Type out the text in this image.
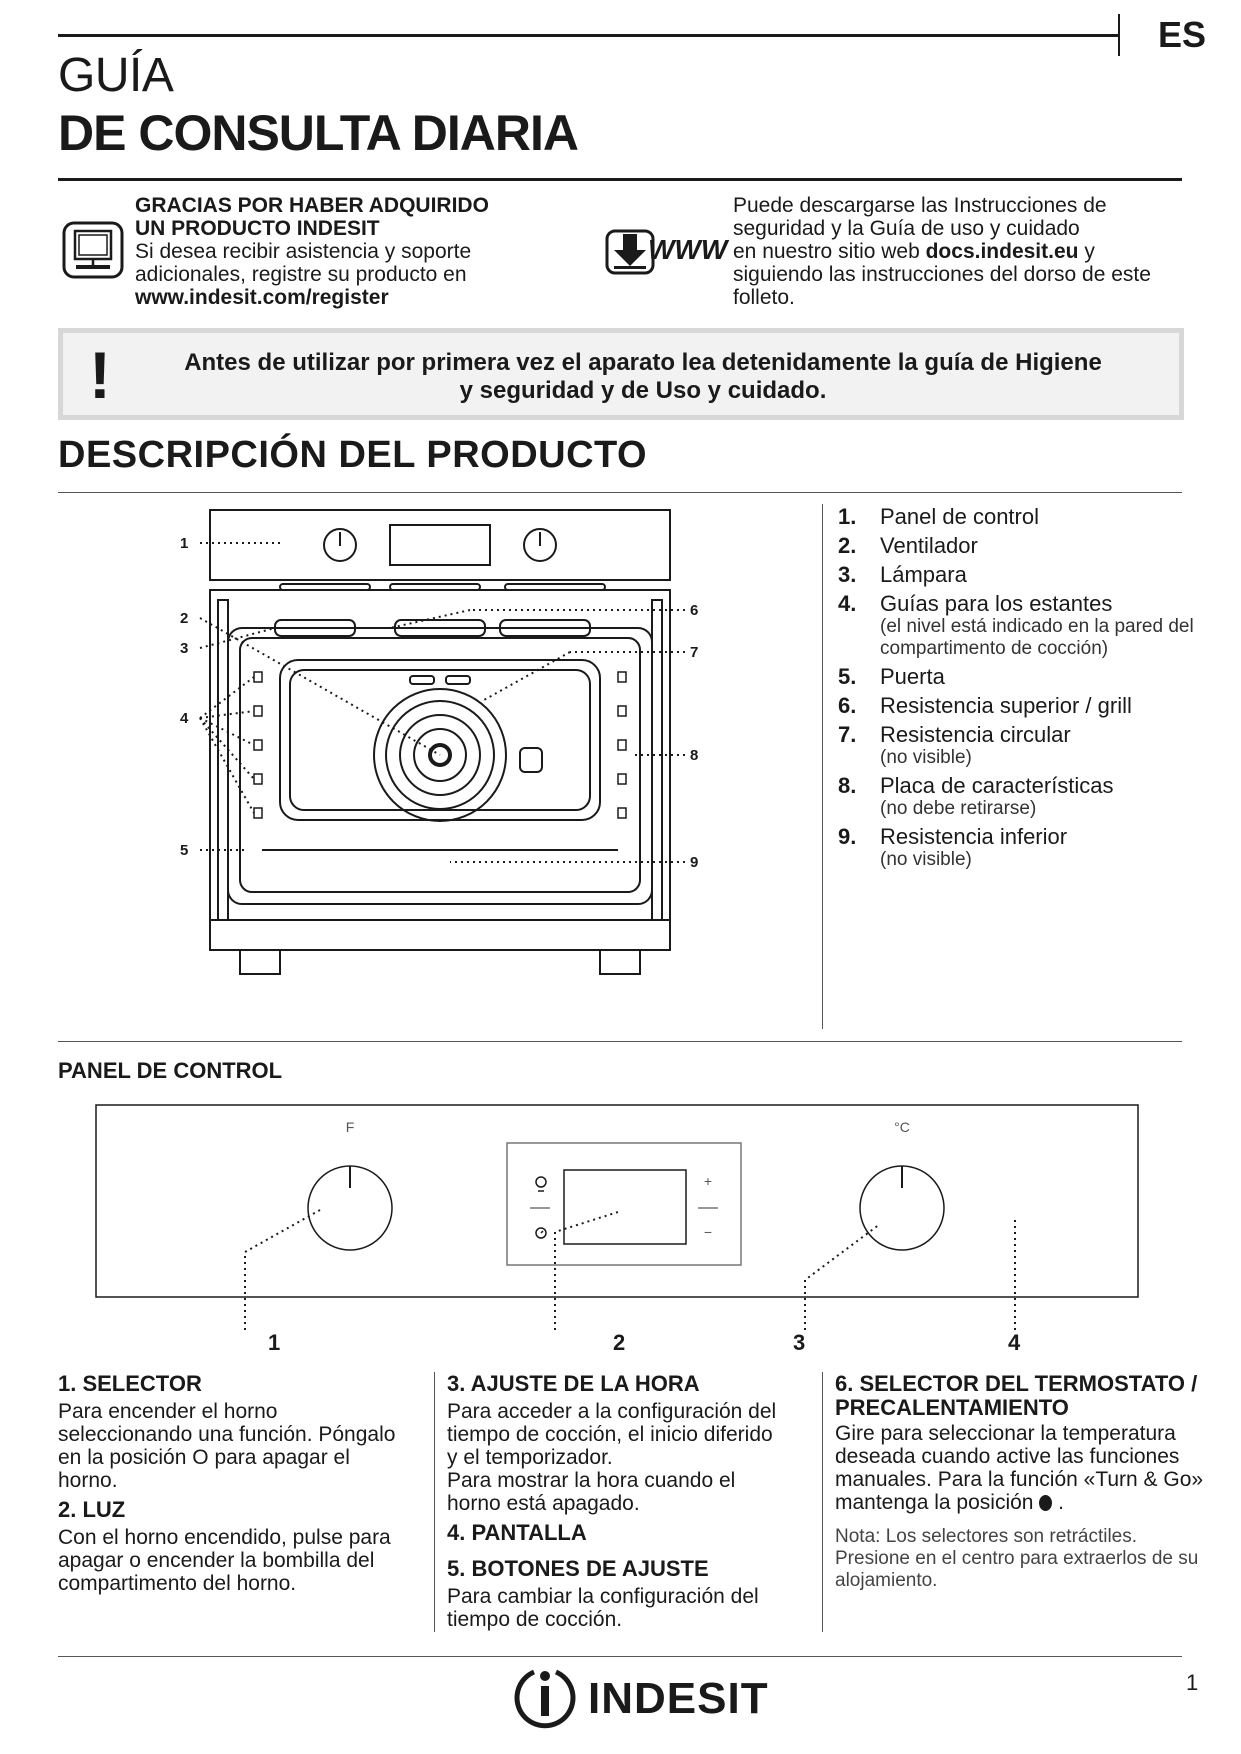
ES
GUÍA
DE CONSULTA DIARIA
GRACIAS POR HABER ADQUIRIDO
UN PRODUCTO INDESIT
Si desea recibir asistencia y soporte
adicionales, registre su producto en
www.indesit.com/register
WWW
Puede descargarse las Instrucciones de
seguridad y la Guía de uso y cuidado
en nuestro sitio web docs.indesit.eu y
siguiendo las instrucciones del dorso de este
folleto.
!	Antes de utilizar por primera vez el aparato lea detenidamente la guía de Higiene
y seguridad y de Uso y cuidado.
DESCRIPCIÓN DEL PRODUCTO
1
2
3
4
5
6
7
8
9
1. Panel de control
2. Ventilador
3. Lámpara
4. Guías para los estantes
(el nivel está indicado en la pared del compartimento de cocción)
5. Puerta
6. Resistencia superior / grill
7. Resistencia circular
(no visible)
8. Placa de características
(no debe retirarse)
9. Resistencia inferior
(no visible)
PANEL DE CONTROL
F	°C
+
−
1	2	3	4
1. SELECTOR

Para encender el horno seleccionando una función. Póngalo en la posición O para apagar el horno.

2. LUZ

Con el horno encendido, pulse para apagar o encender la bombilla del compartimento del horno.

3. AJUSTE DE LA HORA

Para acceder a la configuración del tiempo de cocción, el inicio diferido y el temporizador.

Para mostrar la hora cuando el horno está apagado.

4. PANTALLA
5. BOTONES DE AJUSTE

Para cambiar la configuración del tiempo de cocción.

6. SELECTOR DEL TERMOSTATO /
PRECALENTAMIENTO

Gire para seleccionar la temperatura deseada cuando active las funciones manuales. Para la función «Turn & Go» mantenga la posición  .

Nota: Los selectores son retráctiles. Presione en el centro para extraerlos de su alojamiento.

INDESIT	1
